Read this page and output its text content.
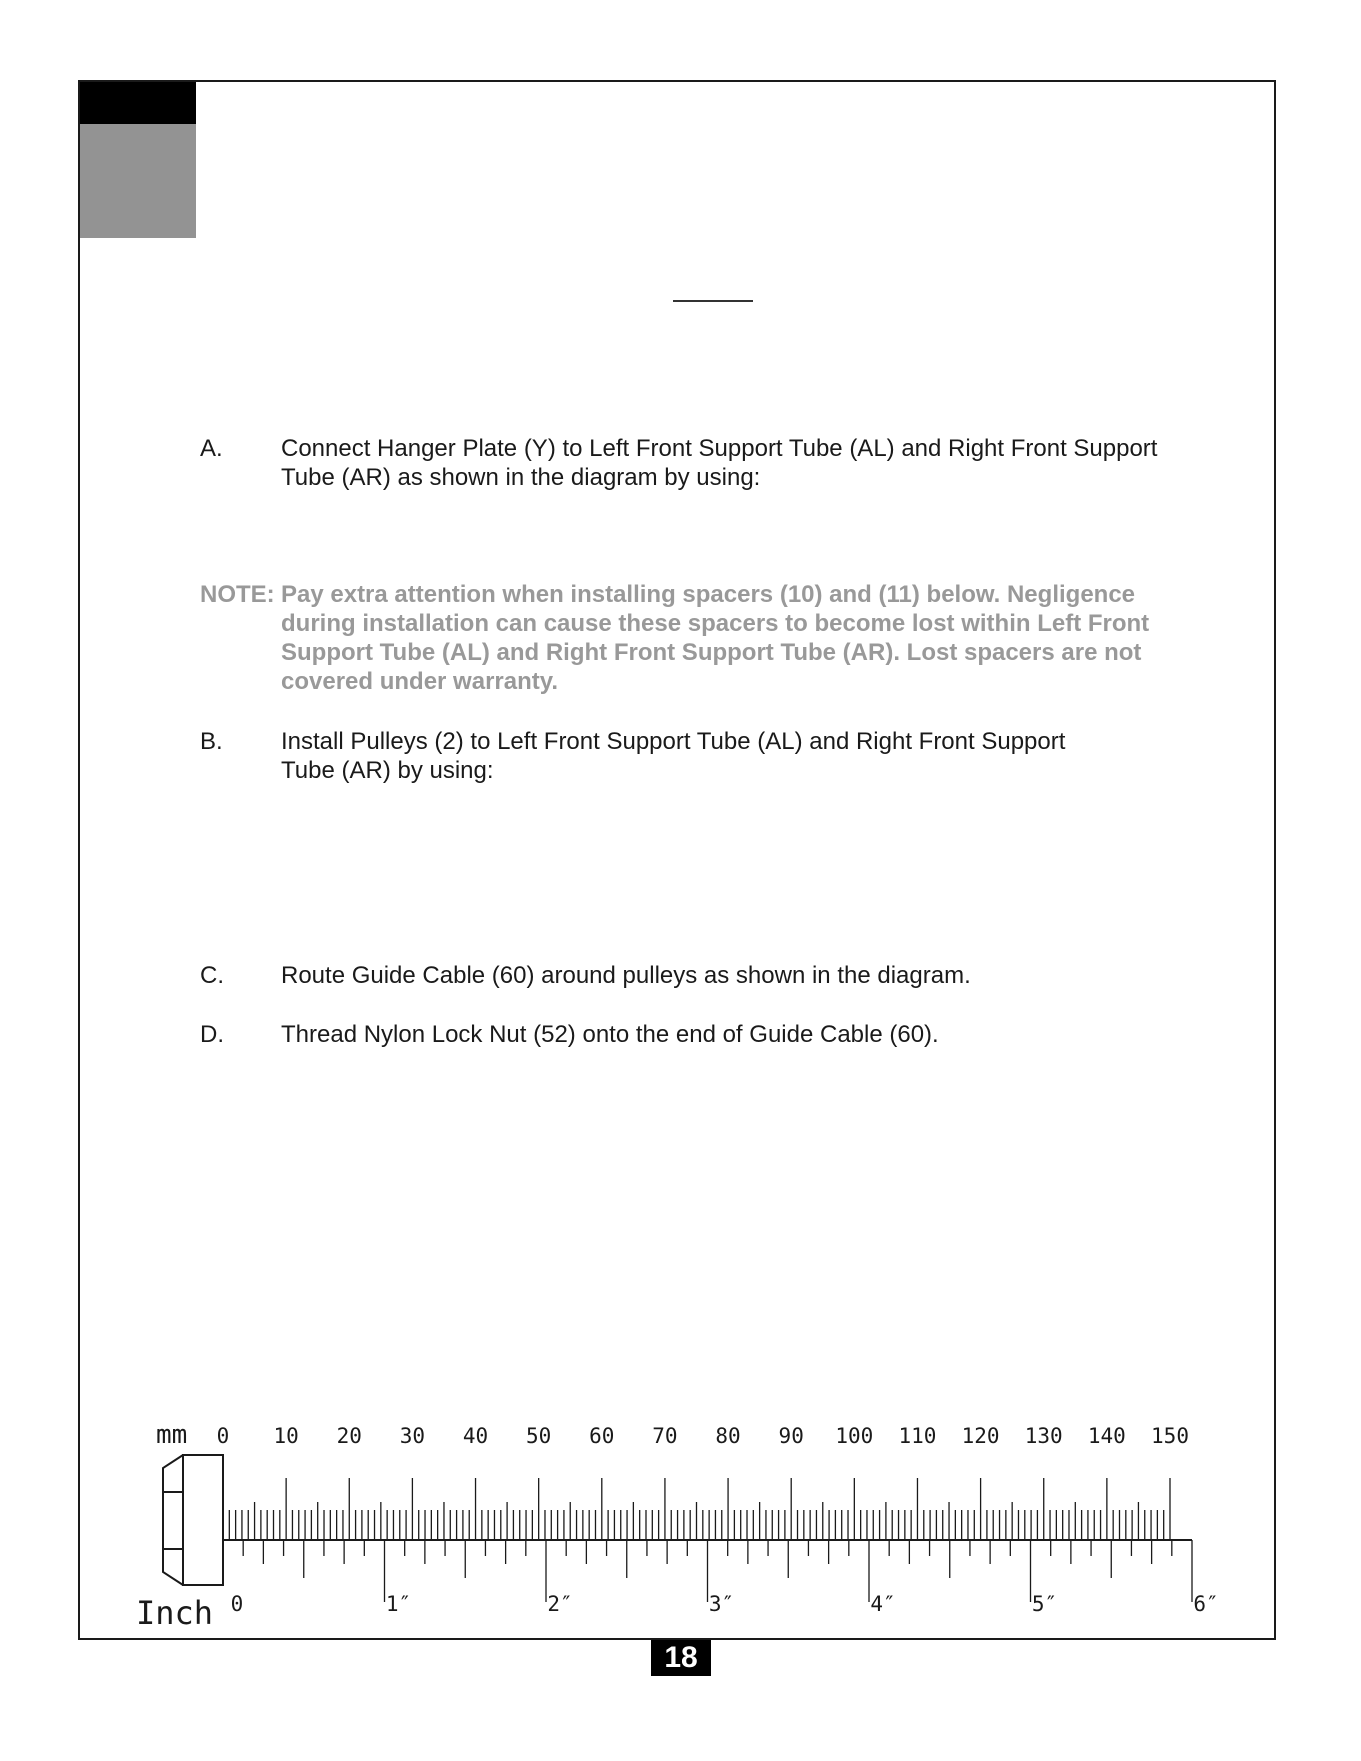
A. Connect Hanger Plate (Y) to Left Front Support Tube (AL) and Right Front Support
Tube (AR) as shown in the diagram by using:
NOTE: Pay extra attention when installing spacers (10) and (11) below. Negligence
during installation can cause these spacers to become lost within Left Front
Support Tube (AL) and Right Front Support Tube (AR). Lost spacers are not
covered under warranty.
B. Install Pulleys (2) to Left Front Support Tube (AL) and Right Front Support
Tube (AR) by using:
C. Route Guide Cable (60) around pulleys as shown in the diagram.
D. Thread Nylon Lock Nut (52) onto the end of Guide Cable (60).
mm
Inch
0 10 20 30 40 50 60 70 80 90 100 110 120 130 140 150
0	1″	2″	3″	4″	5″	6″
18
